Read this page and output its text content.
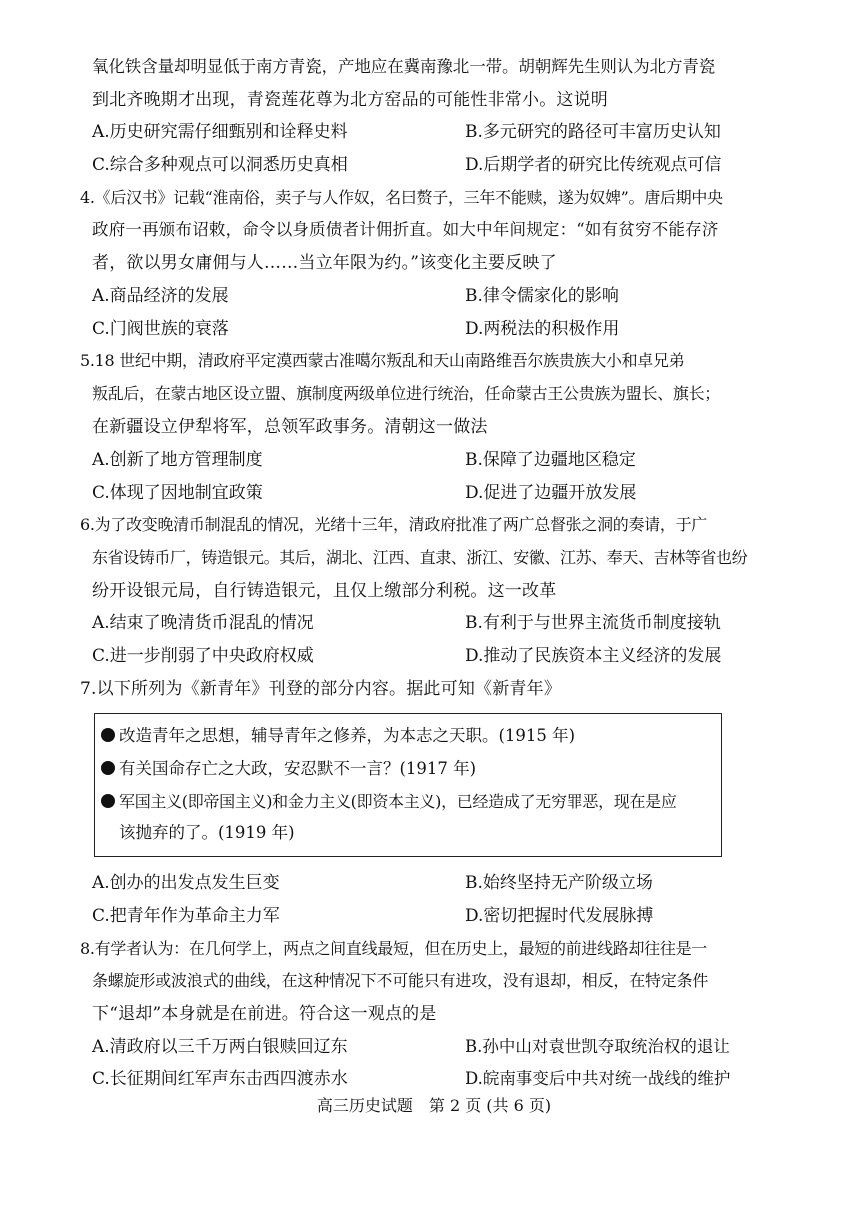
氧化铁含量却明显低于南方青瓷，产地应在冀南豫北一带。胡朝辉先生则认为北方青瓷
到北齐晚期才出现，青瓷莲花尊为北方窑品的可能性非常小。这说明
A.历史研究需仔细甄别和诠释史料	B.多元研究的路径可丰富历史认知
C.综合多种观点可以洞悉历史真相	D.后期学者的研究比传统观点可信
4.《后汉书》记载“淮南俗，卖子与人作奴，名曰赘子，三年不能赎，遂为奴婢”。唐后期中央
政府一再颁布诏敕，命令以身质债者计佣折直。如大中年间规定：“如有贫穷不能存济
者，欲以男女庸佣与人……当立年限为约。”该变化主要反映了
A.商品经济的发展	B.律令儒家化的影响
C.门阀世族的衰落	D.两税法的积极作用
5.18 世纪中期，清政府平定漠西蒙古准噶尔叛乱和天山南路维吾尔族贵族大小和卓兄弟
叛乱后，在蒙古地区设立盟、旗制度两级单位进行统治，任命蒙古王公贵族为盟长、旗长；
在新疆设立伊犁将军，总领军政事务。清朝这一做法
A.创新了地方管理制度	B.保障了边疆地区稳定
C.体现了因地制宜政策	D.促进了边疆开放发展
6.为了改变晚清币制混乱的情况，光绪十三年，清政府批准了两广总督张之洞的奏请，于广
东省设铸币厂，铸造银元。其后，湖北、江西、直隶、浙江、安徽、江苏、奉天、吉林等省也纷
纷开设银元局，自行铸造银元，且仅上缴部分利税。这一改革
A.结束了晚清货币混乱的情况	B.有利于与世界主流货币制度接轨
C.进一步削弱了中央政府权威	D.推动了民族资本主义经济的发展
7.以下所列为《新青年》刊登的部分内容。据此可知《新青年》
改造青年之思想，辅导青年之修养，为本志之天职。(1915 年)
有关国命存亡之大政，安忍默不一言？(1917 年)
军国主义(即帝国主义)和金力主义(即资本主义)，已经造成了无穷罪恶，现在是应
该抛弃的了。(1919 年)
A.创办的出发点发生巨变	B.始终坚持无产阶级立场
C.把青年作为革命主力军	D.密切把握时代发展脉搏
8.有学者认为：在几何学上，两点之间直线最短，但在历史上，最短的前进线路却往往是一
条螺旋形或波浪式的曲线，在这种情况下不可能只有进攻，没有退却，相反，在特定条件
下“退却”本身就是在前进。符合这一观点的是
A.清政府以三千万两白银赎回辽东	B.孙中山对袁世凯夺取统治权的退让
C.长征期间红军声东击西四渡赤水	D.皖南事变后中共对统一战线的维护
高三历史试题　第 2 页 (共 6 页)
